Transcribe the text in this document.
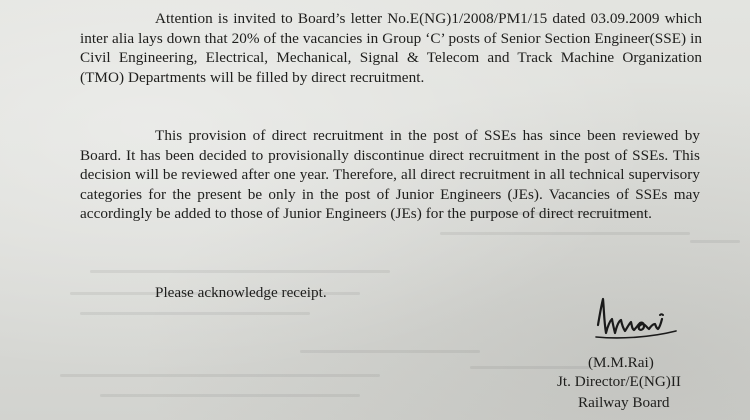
Attention is invited to Board’s letter No.E(NG)1/2008/PM1/15 dated 03.09.2009 which inter alia lays down that 20% of the vacancies in Group ‘C’ posts of Senior Section Engineer(SSE) in Civil Engineering, Electrical, Mechanical, Signal & Telecom and Track Machine Organization (TMO) Departments will be filled by direct recruitment.

This provision of direct recruitment in the post of SSEs has since been reviewed by Board. It has been decided to provisionally discontinue direct recruitment in the post of SSEs. This decision will be reviewed after one year. Therefore, all direct recruitment in all technical supervisory categories for the present be only in the post of Junior Engineers (JEs). Vacancies of SSEs may accordingly be added to those of Junior Engineers (JEs) for the purpose of direct recruitment.

Please acknowledge receipt.

(M.M.Rai)

Jt. Director/E(NG)II

Railway Board
